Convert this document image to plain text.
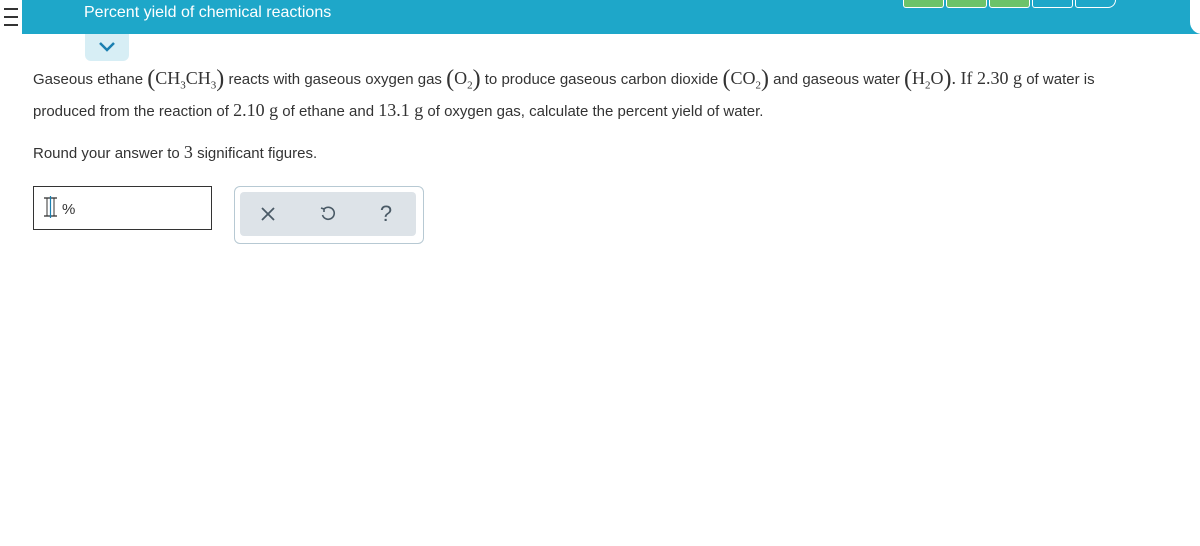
Percent yield of chemical reactions
Gaseous ethane $(CH_3CH_3)$ reacts with gaseous oxygen gas $(O_2)$ to produce gaseous carbon dioxide $(CO_2)$ and gaseous water $(H_2O)$. If 2.30 g of water is
produced from the reaction of 2.10 g of ethane and 13.1 g of oxygen gas, calculate the percent yield of water.
Round your answer to 3 significant figures.
%	?
